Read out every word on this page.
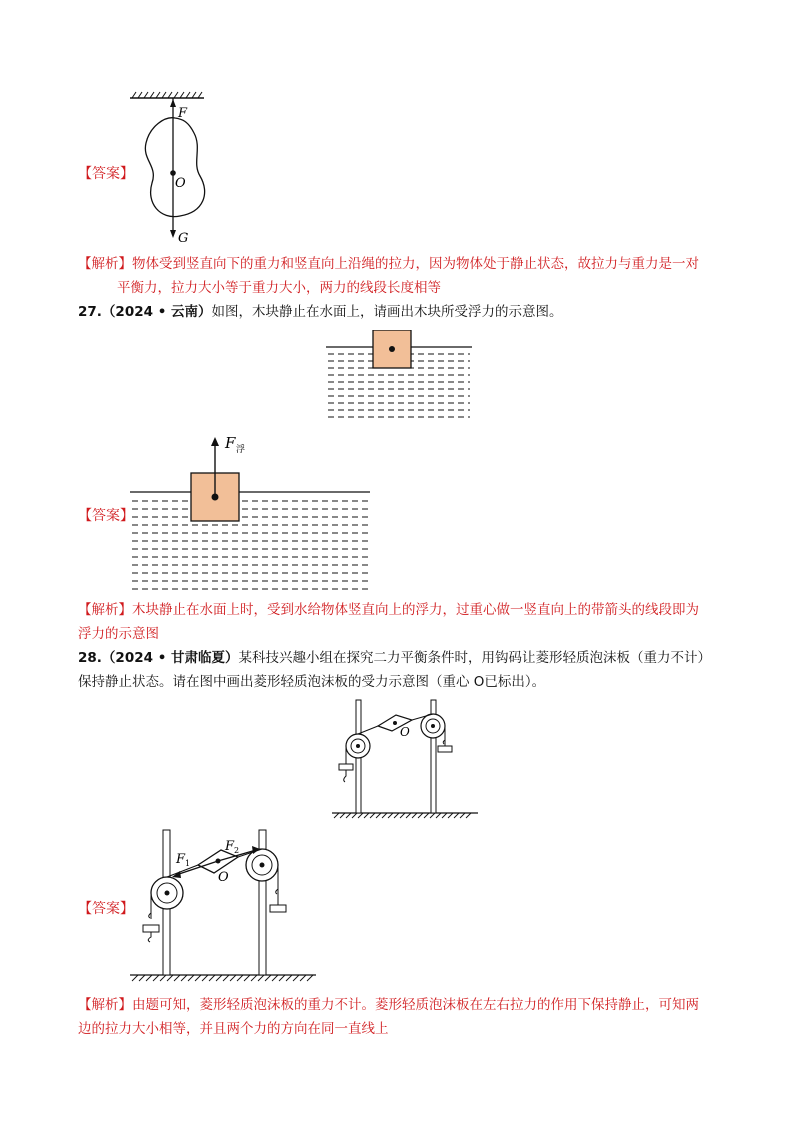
F
O
G
【答案】
【解析】物体受到竖直向下的重力和竖直向上沿绳的拉力，因为物体处于静止状态，故拉力与重力是一对
平衡力，拉力大小等于重力大小，两力的线段长度相等
27.（2024 • 云南）如图，木块静止在水面上，请画出木块所受浮力的示意图。
F 浮
【答案】
【解析】木块静止在水面上时，受到水给物体竖直向上的浮力，过重心做一竖直向上的带箭头的线段即为
浮力的示意图
28.（2024 • 甘肃临夏）某科技兴趣小组在探究二力平衡条件时，用钩码让菱形轻质泡沫板（重力不计）
保持静止状态。请在图中画出菱形轻质泡沫板的受力示意图（重心 O已标出）。
O
F 1
F 2
O
【答案】
【解析】由题可知，菱形轻质泡沫板的重力不计。菱形轻质泡沫板在左右拉力的作用下保持静止，可知两
边的拉力大小相等，并且两个力的方向在同一直线上
